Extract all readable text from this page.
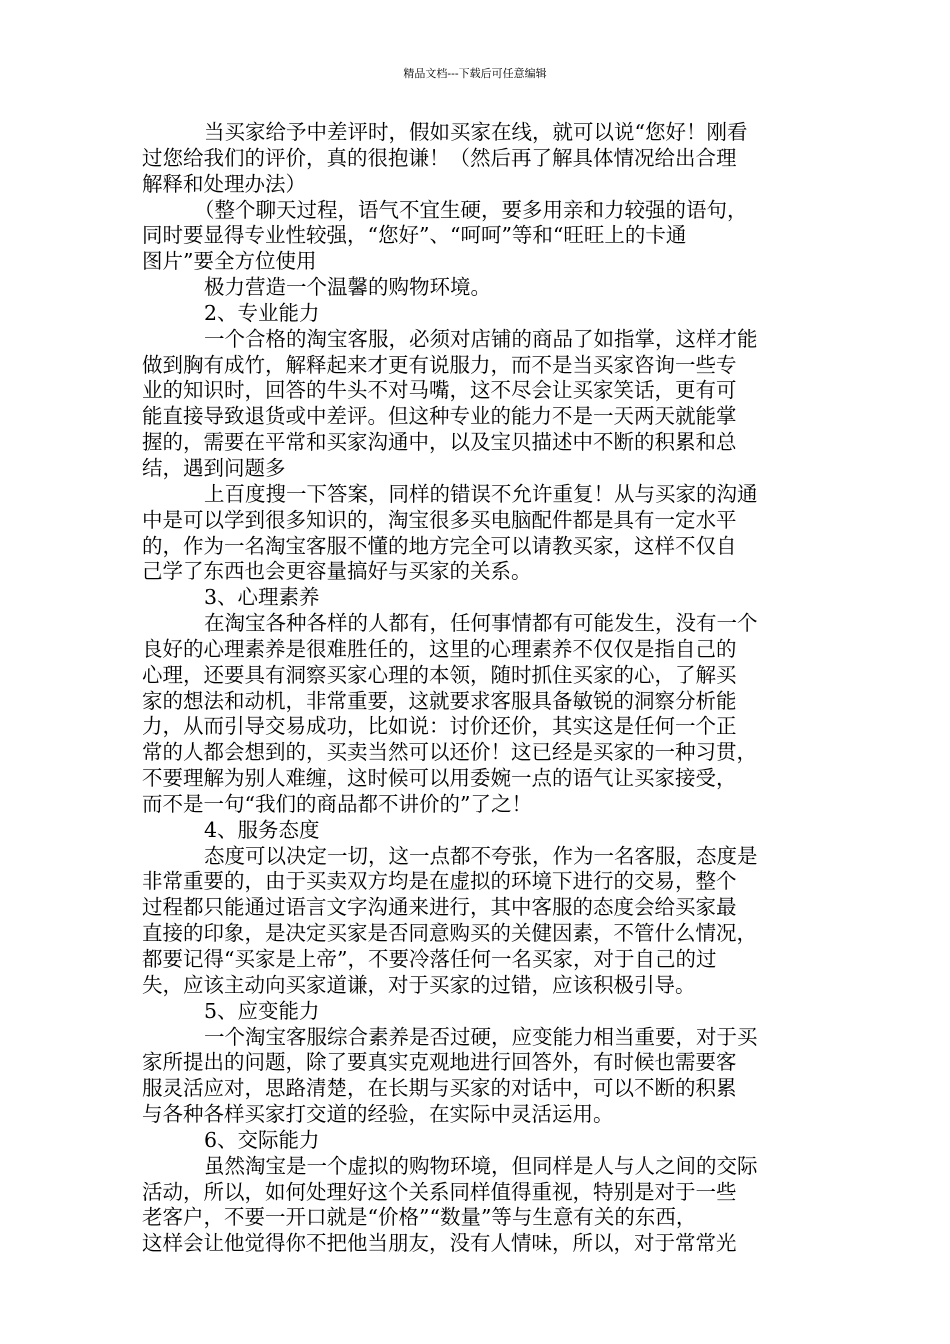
精品文档---下载后可任意编辑
当买家给予中差评时，假如买家在线，就可以说“您好！刚看
过您给我们的评价，真的很抱谦！（然后再了解具体情况给出合理
解释和处理办法）
（整个聊天过程，语气不宜生硬，要多用亲和力较强的语句，
同时要显得专业性较强，“您好”、“呵呵”等和“旺旺上的卡通
图片”要全方位使用
极力营造一个温馨的购物环境。
2、专业能力
一个合格的淘宝客服，必须对店铺的商品了如指掌，这样才能
做到胸有成竹，解释起来才更有说服力，而不是当买家咨询一些专
业的知识时，回答的牛头不对马嘴，这不尽会让买家笑话，更有可
能直接导致退货或中差评。但这种专业的能力不是一天两天就能掌
握的，需要在平常和买家沟通中，以及宝贝描述中不断的积累和总
结，遇到问题多
上百度搜一下答案，同样的错误不允许重复！从与买家的沟通
中是可以学到很多知识的，淘宝很多买电脑配件都是具有一定水平
的，作为一名淘宝客服不懂的地方完全可以请教买家，这样不仅自
己学了东西也会更容量搞好与买家的关系。
3、心理素养
在淘宝各种各样的人都有，任何事情都有可能发生，没有一个
良好的心理素养是很难胜任的，这里的心理素养不仅仅是指自己的
心理，还要具有洞察买家心理的本领，随时抓住买家的心，了解买
家的想法和动机，非常重要，这就要求客服具备敏锐的洞察分析能
力，从而引导交易成功，比如说：讨价还价，其实这是任何一个正
常的人都会想到的，买卖当然可以还价！这已经是买家的一种习贯，
不要理解为别人难缠，这时候可以用委婉一点的语气让买家接受，
而不是一句“我们的商品都不讲价的”了之！
4、服务态度
态度可以决定一切，这一点都不夸张，作为一名客服，态度是
非常重要的，由于买卖双方均是在虚拟的环境下进行的交易，整个
过程都只能通过语言文字沟通来进行，其中客服的态度会给买家最
直接的印象，是决定买家是否同意购买的关健因素，不管什么情况，
都要记得“买家是上帝”，不要冷落任何一名买家，对于自己的过
失，应该主动向买家道谦，对于买家的过错，应该积极引导。
5、应变能力
一个淘宝客服综合素养是否过硬，应变能力相当重要，对于买
家所提出的问题，除了要真实克观地进行回答外，有时候也需要客
服灵活应对，思路清楚，在长期与买家的对话中，可以不断的积累
与各种各样买家打交道的经验，在实际中灵活运用。
6、交际能力
虽然淘宝是一个虚拟的购物环境，但同样是人与人之间的交际
活动，所以，如何处理好这个关系同样值得重视，特别是对于一些
老客户，不要一开口就是“价格”“数量”等与生意有关的东西，
这样会让他觉得你不把他当朋友，没有人情味，所以，对于常常光
